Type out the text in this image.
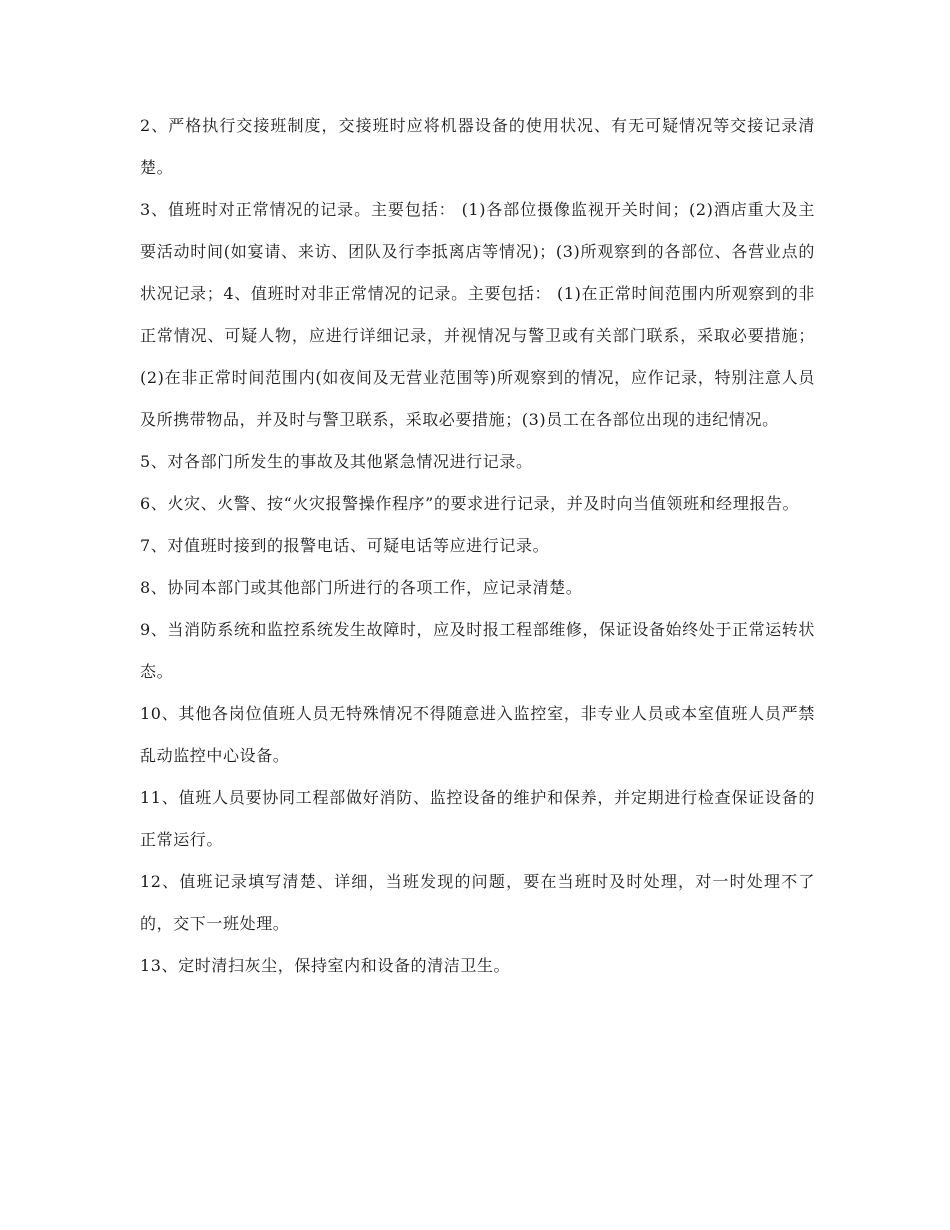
2、严格执行交接班制度，交接班时应将机器设备的使用状况、有无可疑情况等交接记录清楚。

3、值班时对正常情况的记录。主要包括： (1)各部位摄像监视开关时间；(2)酒店重大及主要活动时间(如宴请、来访、团队及行李抵离店等情况)；(3)所观察到的各部位、各营业点的状况记录；4、值班时对非正常情况的记录。主要包括： (1)在正常时间范围内所观察到的非正常情况、可疑人物，应进行详细记录，并视情况与警卫或有关部门联系，采取必要措施；(2)在非正常时间范围内(如夜间及无营业范围等)所观察到的情况，应作记录，特别注意人员及所携带物品，并及时与警卫联系，采取必要措施；(3)员工在各部位出现的违纪情况。

5、对各部门所发生的事故及其他紧急情况进行记录。

6、火灾、火警、按“火灾报警操作程序”的要求进行记录，并及时向当值领班和经理报告。

7、对值班时接到的报警电话、可疑电话等应进行记录。

8、协同本部门或其他部门所进行的各项工作，应记录清楚。

9、当消防系统和监控系统发生故障时，应及时报工程部维修，保证设备始终处于正常运转状态。

10、其他各岗位值班人员无特殊情况不得随意进入监控室，非专业人员或本室值班人员严禁乱动监控中心设备。

11、值班人员要协同工程部做好消防、监控设备的维护和保养，并定期进行检查保证设备的正常运行。

12、值班记录填写清楚、详细，当班发现的问题，要在当班时及时处理，对一时处理不了的，交下一班处理。

13、定时清扫灰尘，保持室内和设备的清洁卫生。
